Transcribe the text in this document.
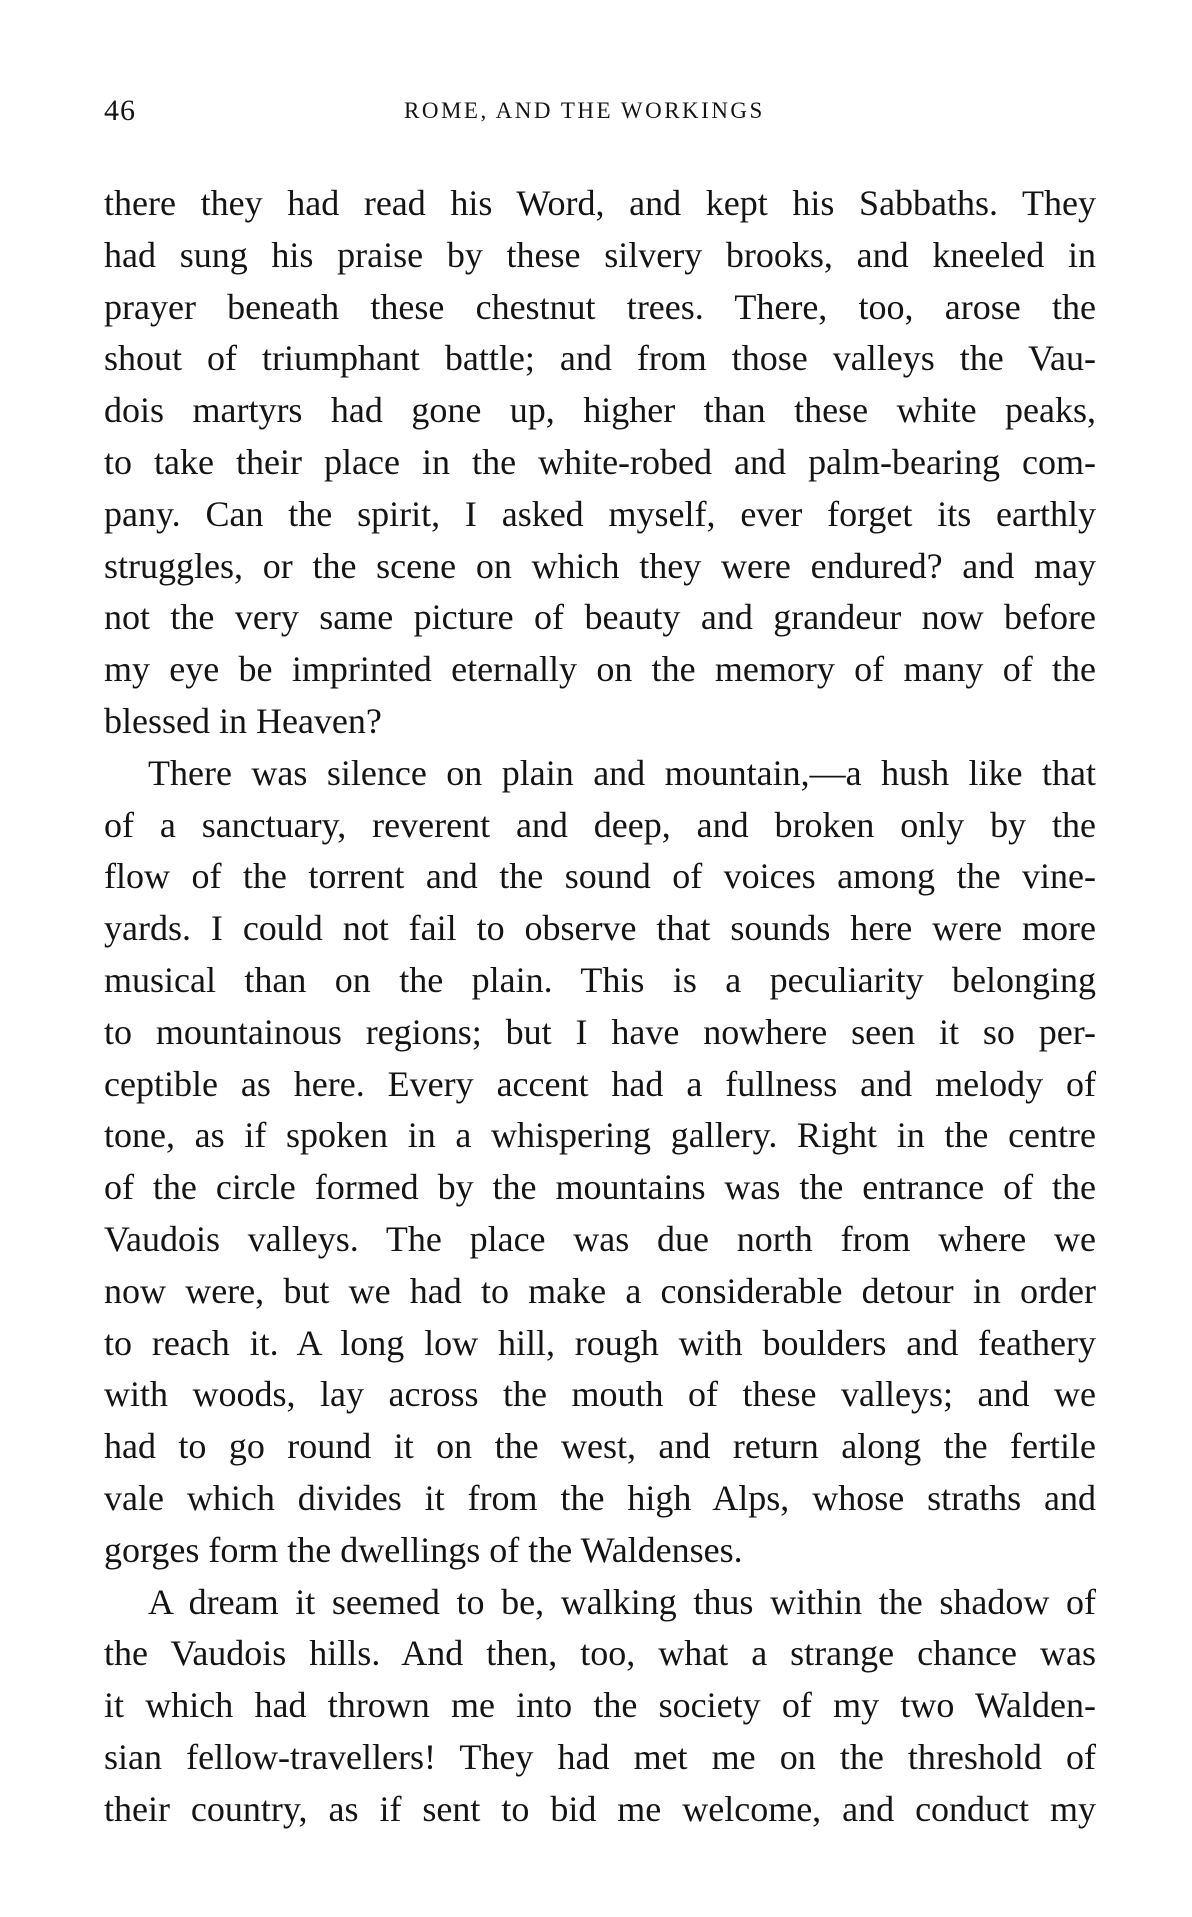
46	ROME, AND THE WORKINGS
there they had read his Word, and kept his Sabbaths. They
had sung his praise by these silvery brooks, and kneeled in
prayer beneath these chestnut trees. There, too, arose the
shout of triumphant battle; and from those valleys the Vau-
dois martyrs had gone up, higher than these white peaks,
to take their place in the white-robed and palm-bearing com-
pany. Can the spirit, I asked myself, ever forget its earthly
struggles, or the scene on which they were endured? and may
not the very same picture of beauty and grandeur now before
my eye be imprinted eternally on the memory of many of the
blessed in Heaven?
There was silence on plain and mountain,—a hush like that
of a sanctuary, reverent and deep, and broken only by the
flow of the torrent and the sound of voices among the vine-
yards. I could not fail to observe that sounds here were more
musical than on the plain. This is a peculiarity belonging
to mountainous regions; but I have nowhere seen it so per-
ceptible as here. Every accent had a fullness and melody of
tone, as if spoken in a whispering gallery. Right in the centre
of the circle formed by the mountains was the entrance of the
Vaudois valleys. The place was due north from where we
now were, but we had to make a considerable detour in order
to reach it. A long low hill, rough with boulders and feathery
with woods, lay across the mouth of these valleys; and we
had to go round it on the west, and return along the fertile
vale which divides it from the high Alps, whose straths and
gorges form the dwellings of the Waldenses.
A dream it seemed to be, walking thus within the shadow of
the Vaudois hills. And then, too, what a strange chance was
it which had thrown me into the society of my two Walden-
sian fellow-travellers! They had met me on the threshold of
their country, as if sent to bid me welcome, and conduct my
